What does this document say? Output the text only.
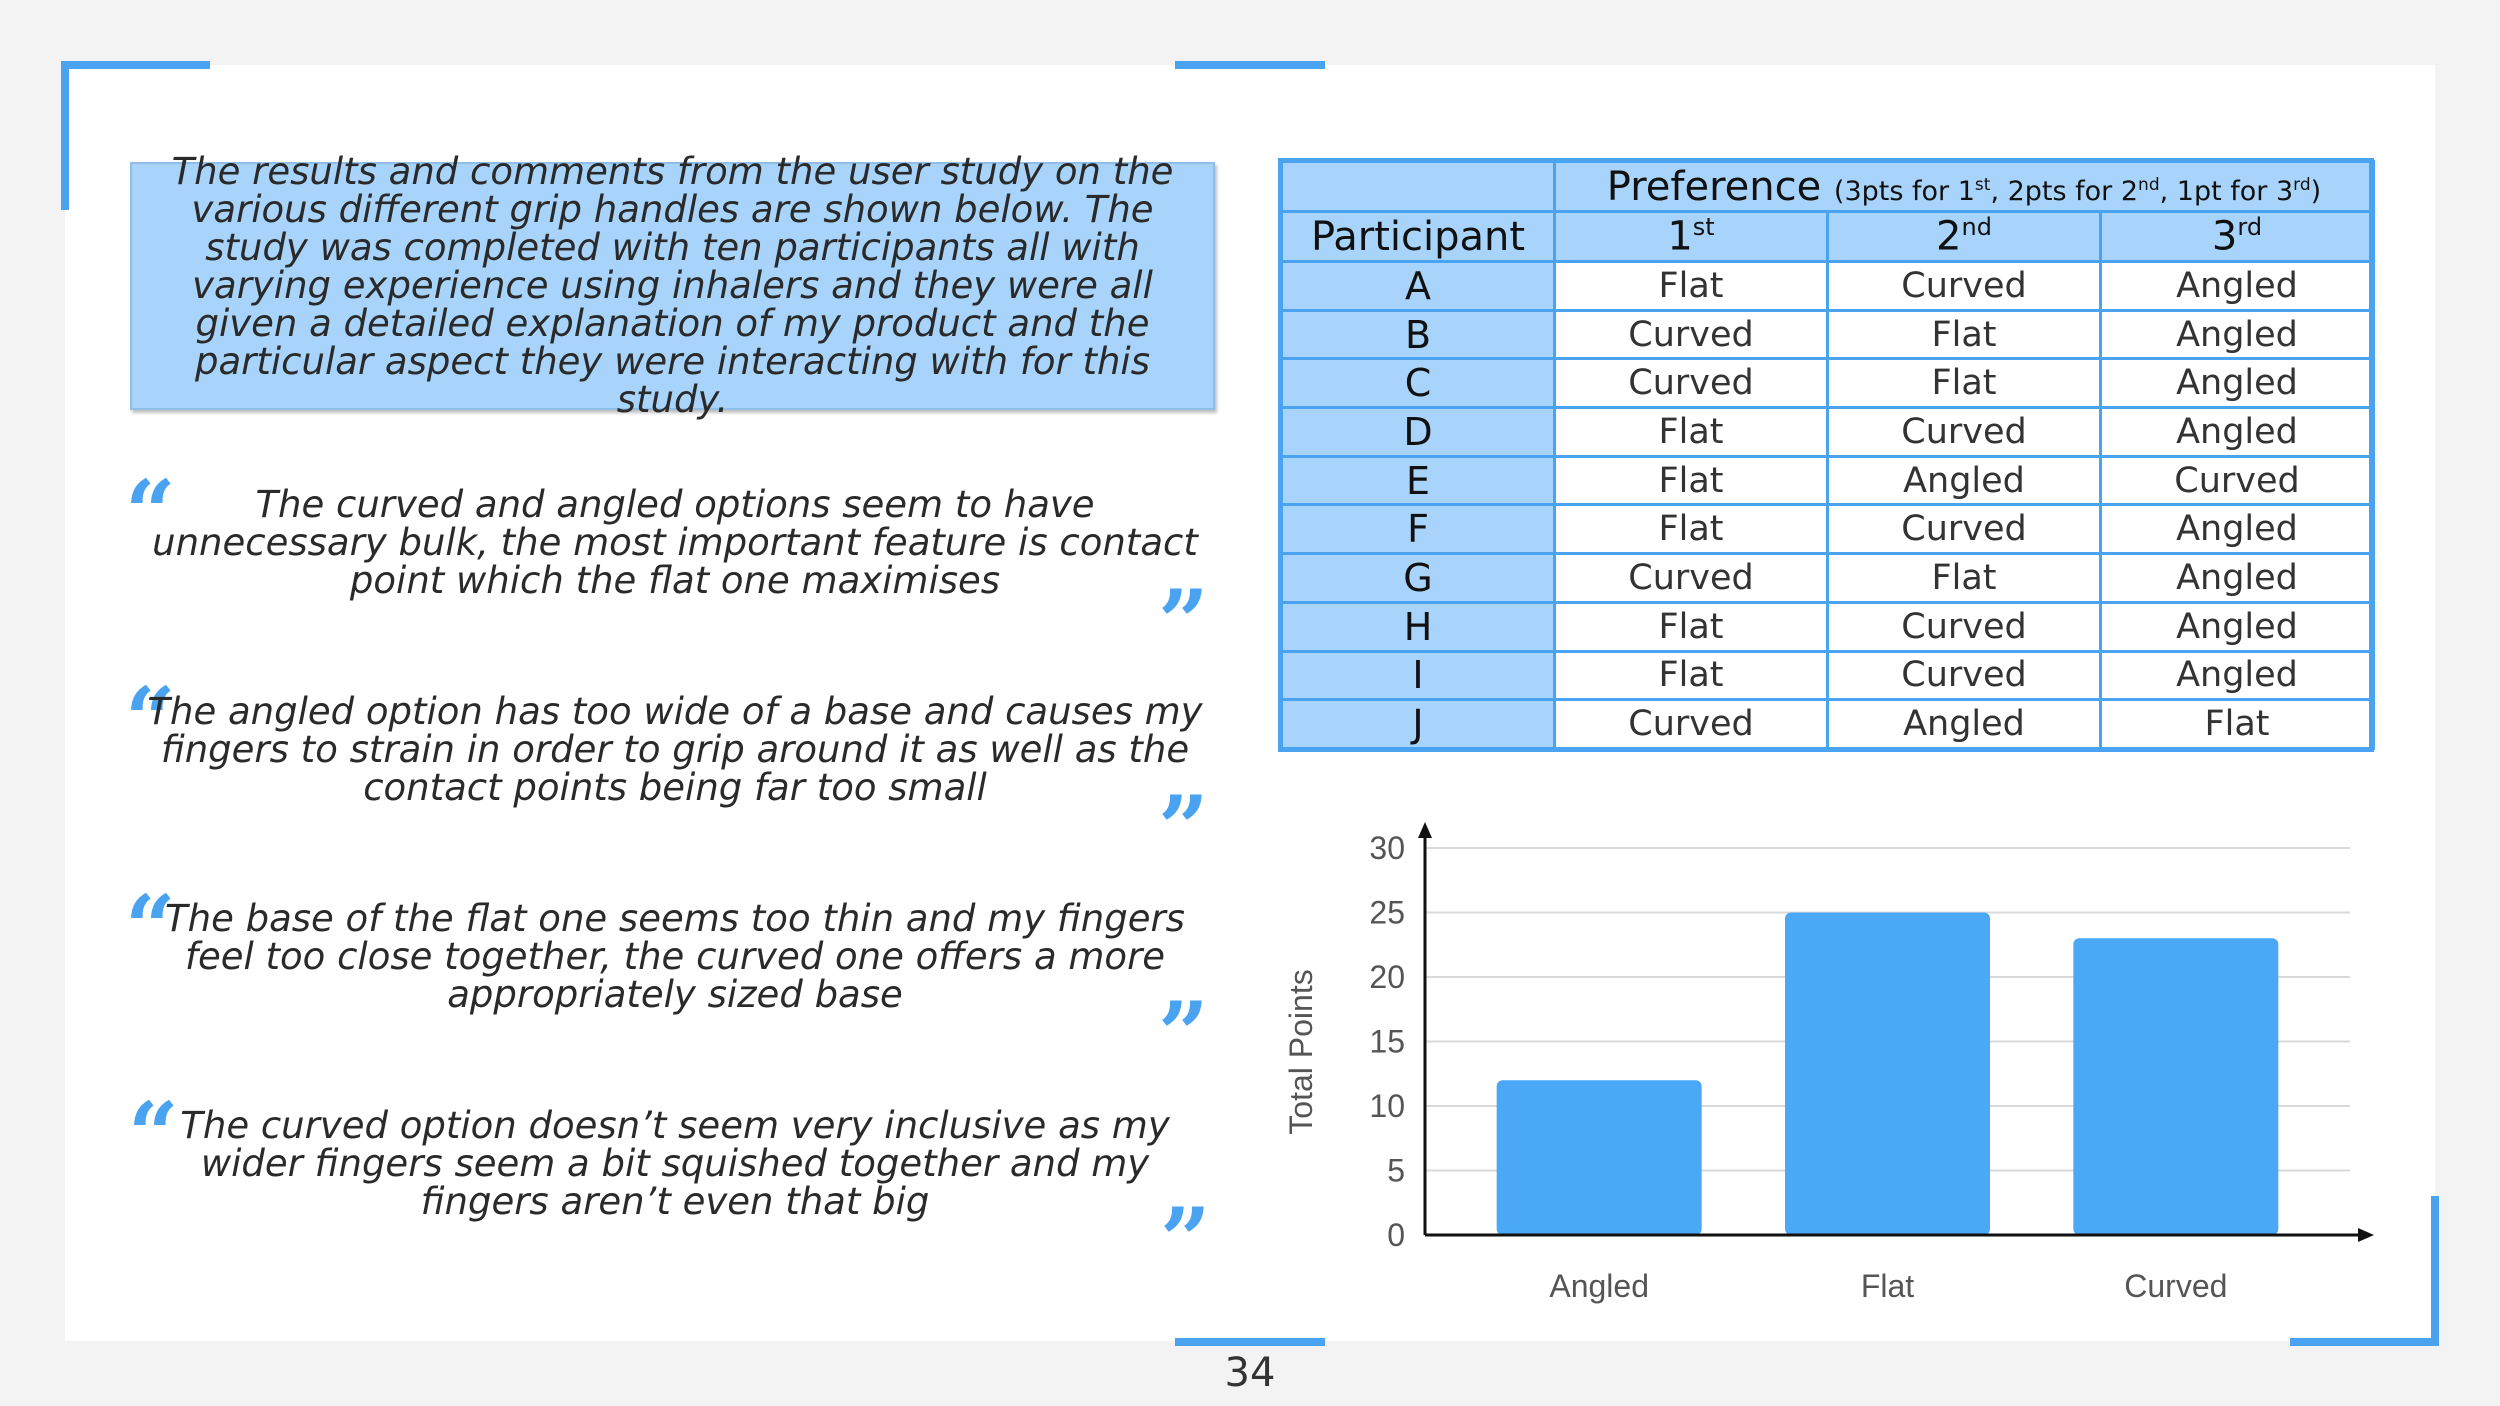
The results and comments from the user study on the various different grip handles are shown below. The study was completed with ten participants all with varying experience using inhalers and they were all given a detailed explanation of my product and the particular aspect they were interacting with for this study.

“	The curved and angled options seem to have unnecessary bulk, the most important feature is contact point which the flat one maximises	”
“

The angled option has too wide of a base and causes my fingers to strain in order to grip around it as well as the contact points being far too small	”
“

The base of the flat one seems too thin and my fingers feel too close together, the curved one offers a more appropriately sized base	”
“ The curved option doesn’t seem very inclusive as my wider fingers seem a bit squished together and my fingers aren’t even that big	”
	Preference (3pts for 1st, 2pts for 2nd, 1pt for 3rd)		
Participant	1st	2nd	3rd
A	Flat	Curved	Angled
B	Curved	Flat	Angled
C	Curved	Flat	Angled
D	Flat	Curved	Angled
E	Flat	Angled	Curved
F	Flat	Curved	Angled
G	Curved	Flat	Angled
H	Flat	Curved	Angled
I	Flat	Curved	Angled
J	Curved	Angled	Flat
0
5
10
15
20
25
30
Angled	Flat	Curved
Total Points
34
